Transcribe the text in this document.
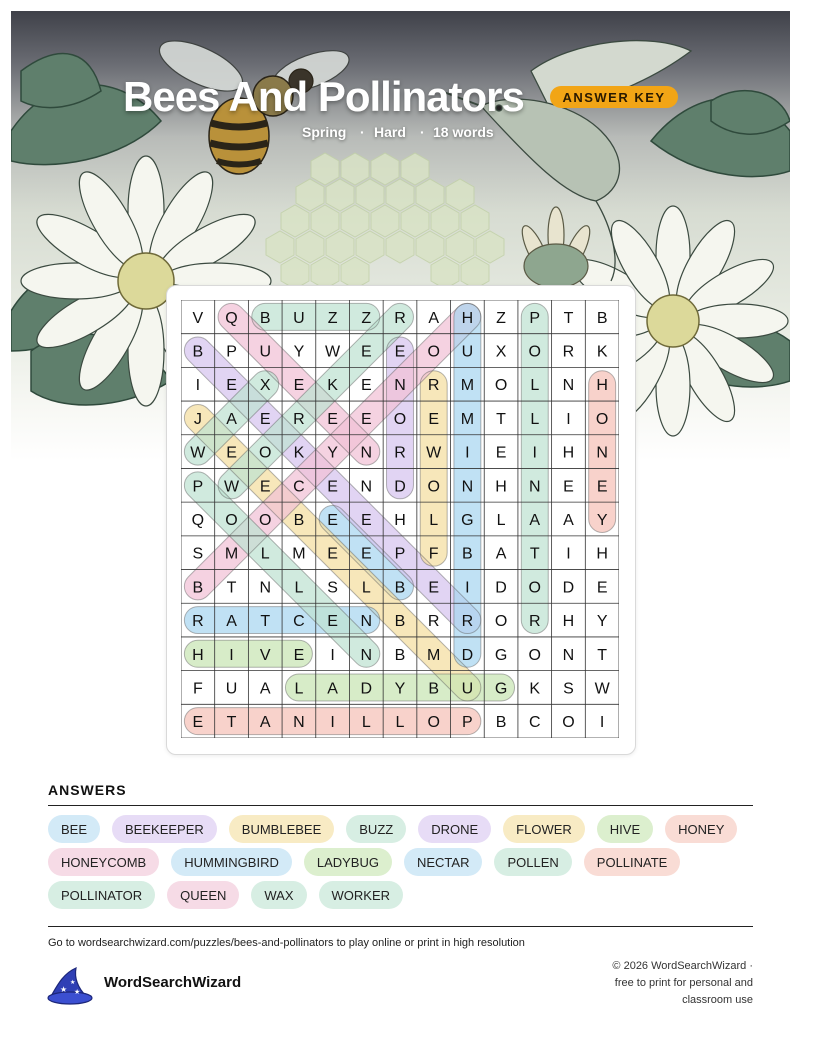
Bees And Pollinators	ANSWER KEY
Spring · Hard · 18 words
V Q B U Z Z R A H Z P T B
B P U Y W E E O U X O R K
I E X E K E N R M O L N H
J A E R E E O E M T L I O
W E O K Y N R W I E I H N
P W E C E N D O N H N E E
Q O O B E E H L G L A A Y
S M L M E E P F B A T I H
B T N L S L B E I D O D E
R A T C E N B R R O R H Y
H I V E I N B M D G O N T
F U A L A D Y B U G K S W
E T A N I L L O P B C O I
ANSWERS
BEE	BEEKEEPER	BUMBLEBEE	BUZZ	DRONE	FLOWER	HIVE	HONEY
HONEYCOMB	HUMMINGBIRD	LADYBUG	NECTAR	POLLEN	POLLINATE
POLLINATOR	QUEEN	WAX	WORKER
Go to wordsearchwizard.com/puzzles/bees-and-pollinators to play online or print in high resolution
★
★
★
WordSearchWizard
© 2026 WordSearchWizard ·
free to print for personal and
classroom use
